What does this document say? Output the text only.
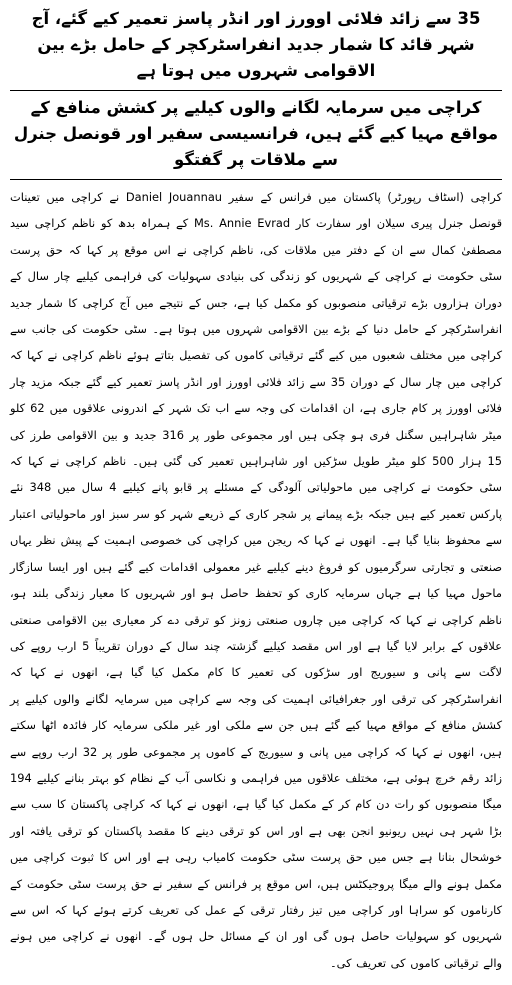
35 سے زائد فلائی اوورز اور انڈر پاسز تعمیر کیے گئے، آج شہر قائد کا شمار جدید انفراسٹرکچر کے حامل بڑے بین الاقوامی شہروں میں ہوتا ہے
کراچی میں سرمایہ لگانے والوں کیلیے پر کشش منافع کے مواقع مہیا کیے گئے ہیں، فرانسیسی سفیر اور قونصل جنرل سے ملاقات پر گفتگو

کراچی (اسٹاف رپورٹر) پاکستان میں فرانس کے سفیر Daniel Jouannau نے کراچی میں تعینات قونصل جنرل پیری سیلان اور سفارت کار Ms. Annie Evrad کے ہمراہ بدھ کو ناظم کراچی سید مصطفیٰ کمال سے ان کے دفتر میں ملاقات کی، ناظم کراچی نے اس موقع پر کہا کہ حق پرست سٹی حکومت نے کراچی کے شہریوں کو زندگی کی بنیادی سہولیات کی فراہمی کیلیے چار سال کے دوران ہزاروں بڑے ترقیاتی منصوبوں کو مکمل کیا ہے، جس کے نتیجے میں آج کراچی کا شمار جدید انفراسٹرکچر کے حامل دنیا کے بڑے بین الاقوامی شہروں میں ہوتا ہے۔ سٹی حکومت کی جانب سے کراچی میں مختلف شعبوں میں کیے گئے ترقیاتی کاموں کی تفصیل بتاتے ہوئے ناظم کراچی نے کہا کہ کراچی میں چار سال کے دوران 35 سے زائد فلائی اوورز اور انڈر پاسز تعمیر کیے گئے جبکہ مزید چار فلائی اوورز پر کام جاری ہے، ان اقدامات کی وجہ سے اب تک شہر کے اندرونی علاقوں میں 62 کلو میٹر شاہراہیں سگنل فری ہو چکی ہیں اور مجموعی طور پر 316 جدید و بین الاقوامی طرز کی 15 ہزار 500 کلو میٹر طویل سڑکیں اور شاہراہیں تعمیر کی گئی ہیں۔ ناظم کراچی نے کہا کہ سٹی حکومت نے کراچی میں ماحولیاتی آلودگی کے مسئلے پر قابو پانے کیلیے 4 سال میں 348 نئے پارکس تعمیر کیے ہیں جبکہ بڑے پیمانے پر شجر کاری کے ذریعے شہر کو سر سبز اور ماحولیاتی اعتبار سے محفوظ بنایا گیا ہے۔ انھوں نے کہا کہ ریجن میں کراچی کی خصوصی اہمیت کے پیش نظر یہاں صنعتی و تجارتی سرگرمیوں کو فروغ دینے کیلیے غیر معمولی اقدامات کیے گئے ہیں اور ایسا سازگار ماحول مہیا کیا ہے جہاں سرمایہ کاری کو تحفظ حاصل ہو اور شہریوں کا معیار زندگی بلند ہو، ناظم کراچی نے کہا کہ کراچی میں چاروں صنعتی زونز کو ترقی دے کر معیاری بین الاقوامی صنعتی علاقوں کے برابر لایا گیا ہے اور اس مقصد کیلیے گزشتہ چند سال کے دوران تقریباً 5 ارب روپے کی لاگت سے پانی و سیوریج اور سڑکوں کی تعمیر کا کام مکمل کیا گیا ہے، انھوں نے کہا کہ انفراسٹرکچر کی ترقی اور جغرافیائی اہمیت کی وجہ سے کراچی میں سرمایہ لگانے والوں کیلیے پر کشش منافع کے مواقع مہیا کیے گئے ہیں جن سے ملکی اور غیر ملکی سرمایہ کار فائدہ اٹھا سکتے ہیں، انھوں نے کہا کہ کراچی میں پانی و سیوریج کے کاموں پر مجموعی طور پر 32 ارب روپے سے زائد رقم خرچ ہوئی ہے، مختلف علاقوں میں فراہمی و نکاسی آب کے نظام کو بہتر بنانے کیلیے 194 میگا منصوبوں کو رات دن کام کر کے مکمل کیا گیا ہے، انھوں نے کہا کہ کراچی پاکستان کا سب سے بڑا شہر ہی نہیں ریونیو انجن بھی ہے اور اس کو ترقی دینے کا مقصد پاکستان کو ترقی یافتہ اور خوشحال بنانا ہے جس میں حق پرست سٹی حکومت کامیاب رہی ہے اور اس کا ثبوت کراچی میں مکمل ہونے والے میگا پروجیکٹس ہیں، اس موقع پر فرانس کے سفیر نے حق پرست سٹی حکومت کے کارناموں کو سراہا اور کراچی میں تیز رفتار ترقی کے عمل کی تعریف کرتے ہوئے کہا کہ اس سے شہریوں کو سہولیات حاصل ہوں گی اور ان کے مسائل حل ہوں گے۔ انھوں نے کراچی میں ہونے والے ترقیاتی کاموں کی تعریف کی۔
